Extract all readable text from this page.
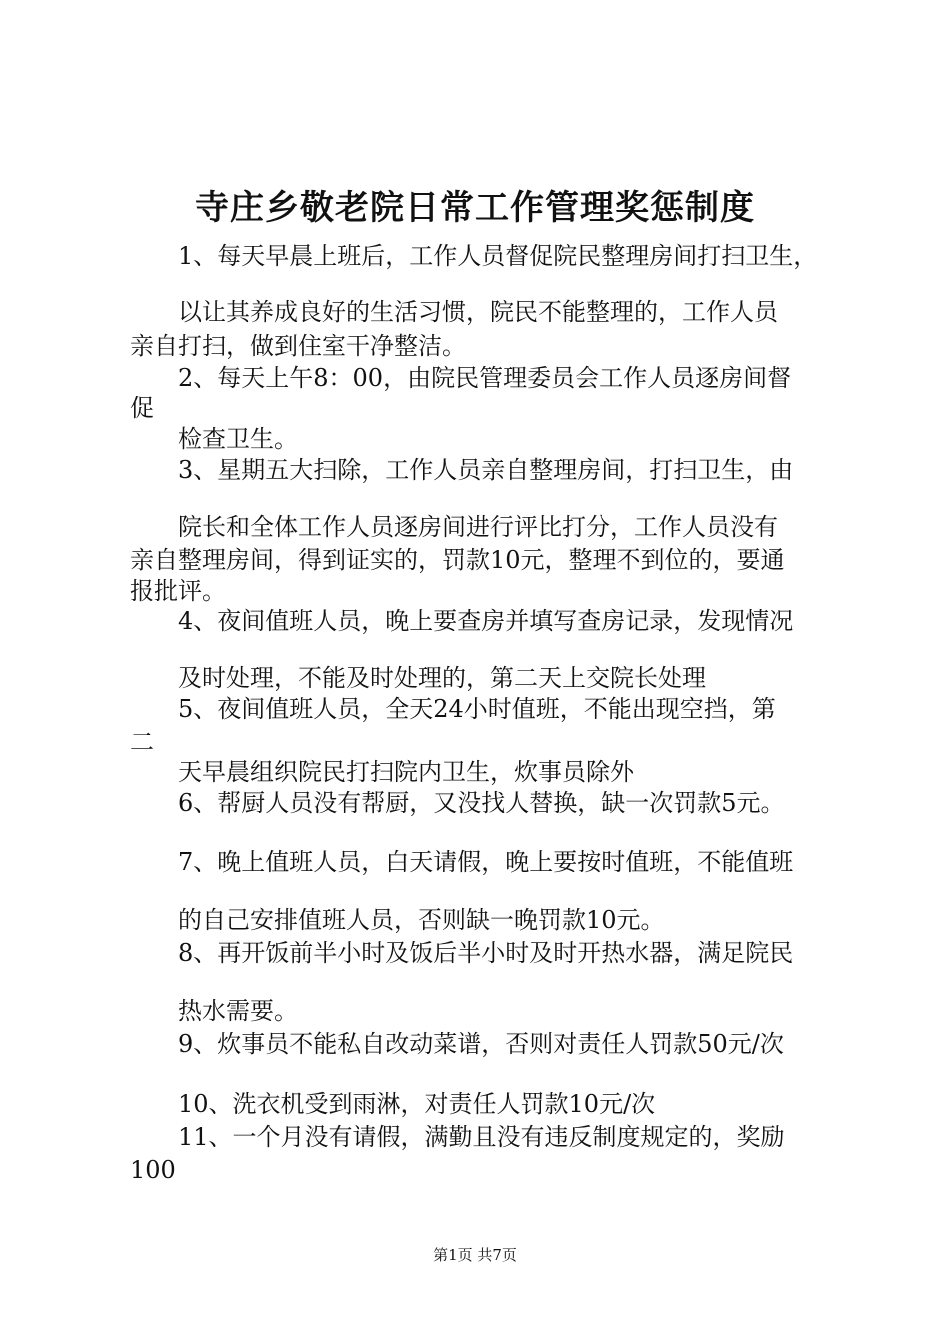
寺庄乡敬老院日常工作管理奖惩制度
1、每天早晨上班后，工作人员督促院民整理房间打扫卫生，
以让其养成良好的生活习惯，院民不能整理的，工作人员
亲自打扫，做到住室干净整洁。
2、每天上午8：00，由院民管理委员会工作人员逐房间督
促
检查卫生。
3、星期五大扫除，工作人员亲自整理房间，打扫卫生，由
院长和全体工作人员逐房间进行评比打分，工作人员没有
亲自整理房间，得到证实的，罚款10元，整理不到位的，要通
报批评。
4、夜间值班人员，晚上要查房并填写查房记录，发现情况
及时处理，不能及时处理的，第二天上交院长处理
5、夜间值班人员，全天24小时值班，不能出现空挡，第
二
天早晨组织院民打扫院内卫生，炊事员除外
6、帮厨人员没有帮厨，又没找人替换，缺一次罚款5元。
7、晚上值班人员，白天请假，晚上要按时值班，不能值班
的自己安排值班人员，否则缺一晚罚款10元。
8、再开饭前半小时及饭后半小时及时开热水器，满足院民
热水需要。
9、炊事员不能私自改动菜谱，否则对责任人罚款50元/次
10、洗衣机受到雨淋，对责任人罚款10元/次
11、一个月没有请假，满勤且没有违反制度规定的，奖励
100
第1页 共7页
